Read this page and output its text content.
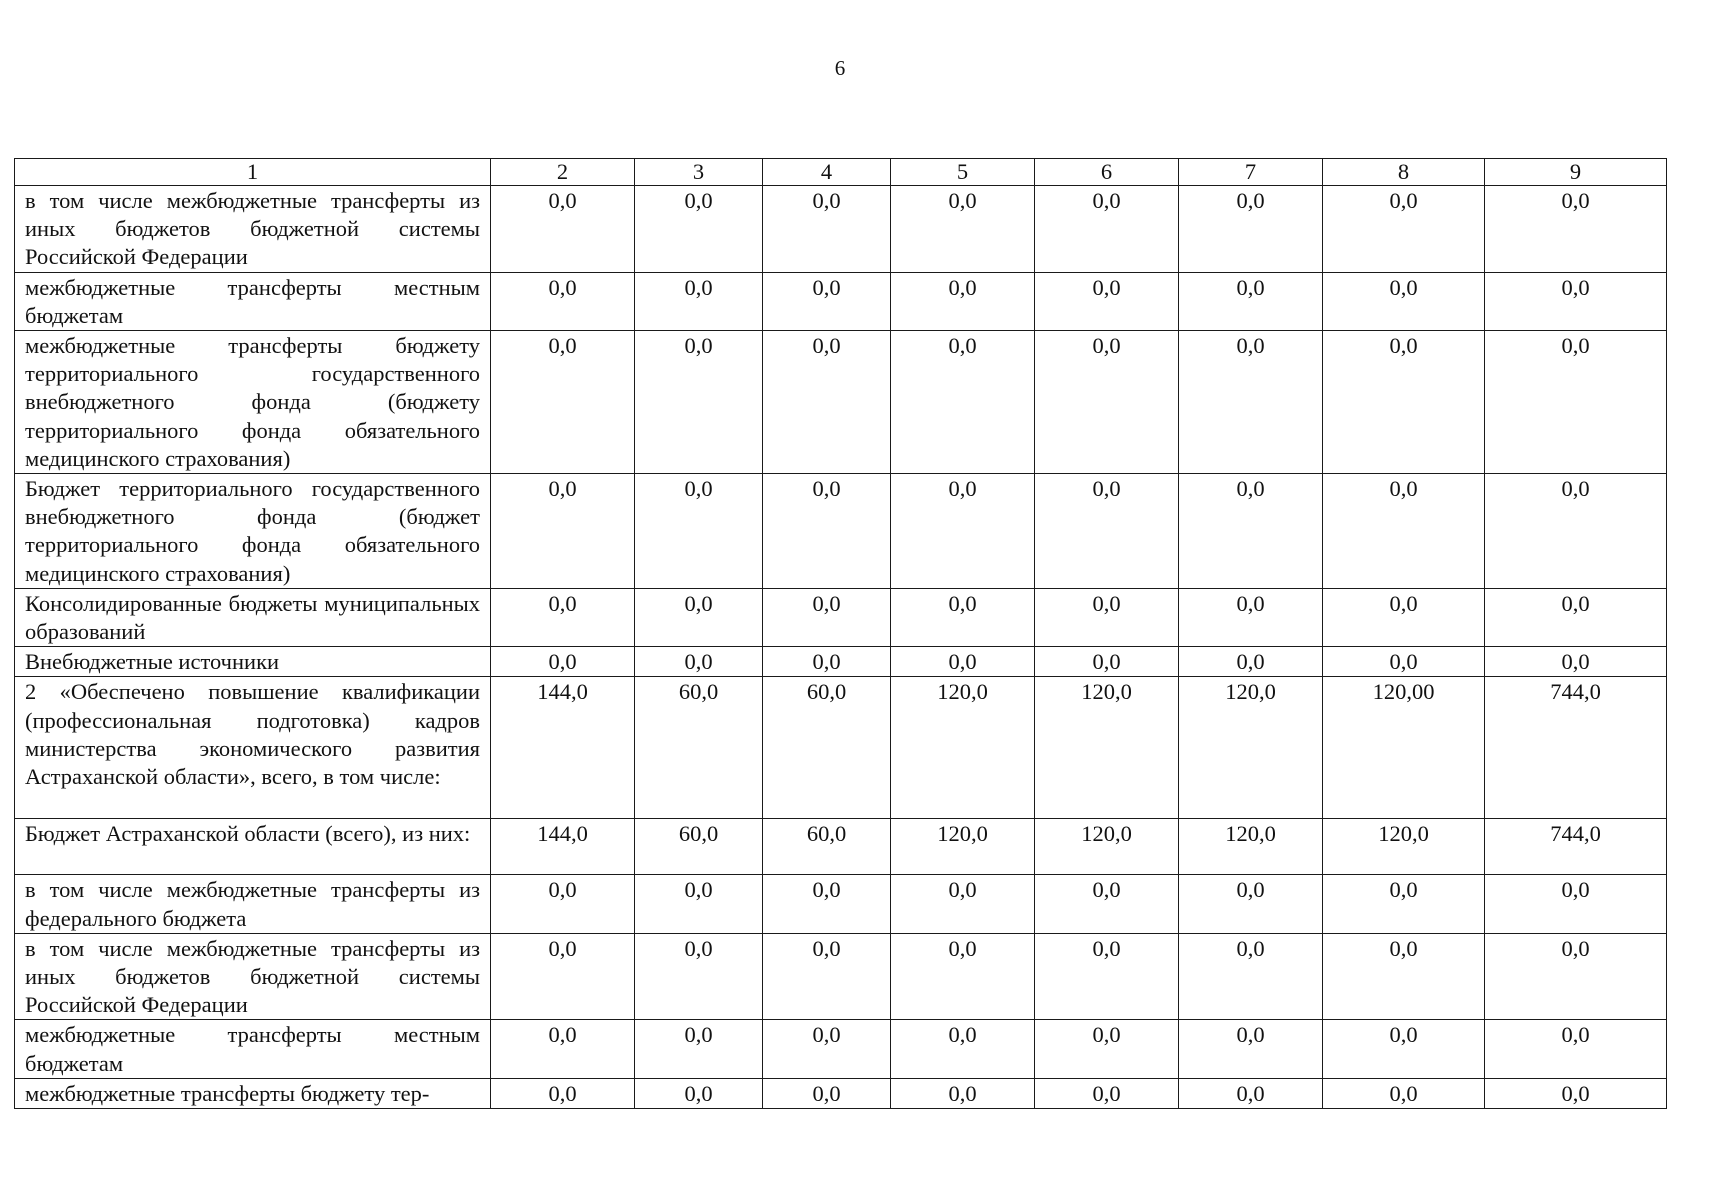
6
1	2	3	4	5	6	7	8	9
в том числе межбюджетные трансферты из иных бюджетов бюджетной системы Российской Федерации	0,0	0,0	0,0	0,0	0,0	0,0	0,0	0,0
межбюджетные трансферты местным бюджетам	0,0	0,0	0,0	0,0	0,0	0,0	0,0	0,0
межбюджетные трансферты бюджету территориального государственного внебюджетного фонда (бюджету территориального фонда обязательного медицинского страхования)	0,0	0,0	0,0	0,0	0,0	0,0	0,0	0,0
Бюджет территориального государственного внебюджетного фонда (бюджет территориального фонда обязательного медицинского страхования)	0,0	0,0	0,0	0,0	0,0	0,0	0,0	0,0
Консолидированные бюджеты муниципальных образований	0,0	0,0	0,0	0,0	0,0	0,0	0,0	0,0
Внебюджетные источники	0,0	0,0	0,0	0,0	0,0	0,0	0,0	0,0
2 «Обеспечено повышение квалификации (профессиональная подготовка) кадров министерства экономического развития Астраханской области», всего, в том числе:	144,0	60,0	60,0	120,0	120,0	120,0	120,00	744,0
Бюджет Астраханской области (всего), из них:	144,0	60,0	60,0	120,0	120,0	120,0	120,0	744,0
в том числе межбюджетные трансферты из федерального бюджета	0,0	0,0	0,0	0,0	0,0	0,0	0,0	0,0
в том числе межбюджетные трансферты из иных бюджетов бюджетной системы Российской Федерации	0,0	0,0	0,0	0,0	0,0	0,0	0,0	0,0
межбюджетные трансферты местным бюджетам	0,0	0,0	0,0	0,0	0,0	0,0	0,0	0,0
межбюджетные трансферты бюджету тер-	0,0	0,0	0,0	0,0	0,0	0,0	0,0	0,0
